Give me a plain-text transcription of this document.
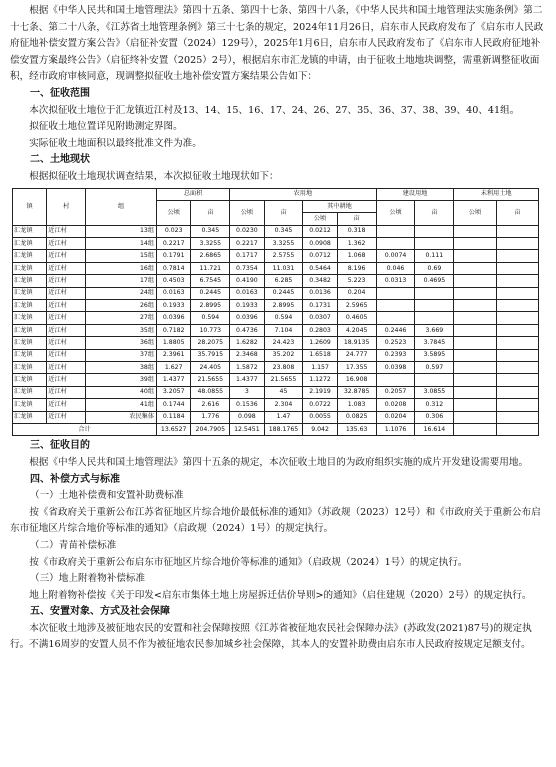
根据《中华人民共和国土地管理法》第四十五条、第四十七条、第四十八条，《中华人民共和国土地管理法实施条例》第二十七条、第二十八条，《江苏省土地管理条例》第三十七条的规定，2024年11月26日，启东市人民政府发布了《启东市人民政府征地补偿安置方案公告》（启征补安置（2024）129号），2025年1月6日，启东市人民政府发布了《启东市人民政府征地补偿安置方案最终公告》（启征终补安置（2025）2号），根据启东市汇龙镇的申请，由于征收土地地块调整，需重新调整征收面积，经市政府审核同意，现调整拟征收土地补偿安置方案结果公告如下：

一、征收范围

本次拟征收土地位于汇龙镇近江村及13、14、15、16、17、24、26、27、35、36、37、38、39、40、41组。

拟征收土地位置详见附勘测定界图。

实际征收土地面积以最终批准文件为准。

二、土地现状

根据拟征收土地现状调查结果，本次拟征收土地现状如下：

镇	村	组	总面积		农用地				建设用地		未利用土地	
			公顷	亩	公顷	亩	其中耕地		公顷	亩	公顷	亩
							公顷	亩				
汇龙镇	近江村	13组	0.023	0.345	0.0230	0.345	0.0212	0.318				
汇龙镇	近江村	14组	0.2217	3.3255	0.2217	3.3255	0.0908	1.362				
汇龙镇	近江村	15组	0.1791	2.6865	0.1717	2.5755	0.0712	1.068	0.0074	0.111		
汇龙镇	近江村	16组	0.7814	11.721	0.7354	11.031	0.5464	8.196	0.046	0.69		
汇龙镇	近江村	17组	0.4503	6.7545	0.4190	6.285	0.3482	5.223	0.0313	0.4695		
汇龙镇	近江村	24组	0.0163	0.2445	0.0163	0.2445	0.0136	0.204				
汇龙镇	近江村	26组	0.1933	2.8995	0.1933	2.8995	0.1731	2.5965				
汇龙镇	近江村	27组	0.0396	0.594	0.0396	0.594	0.0307	0.4605				
汇龙镇	近江村	35组	0.7182	10.773	0.4736	7.104	0.2803	4.2045	0.2446	3.669		
汇龙镇	近江村	36组	1.8805	28.2075	1.6282	24.423	1.2609	18.9135	0.2523	3.7845		
汇龙镇	近江村	37组	2.3961	35.7915	2.3468	35.202	1.6518	24.777	0.2393	3.5895		
汇龙镇	近江村	38组	1.627	24.405	1.5872	23.808	1.157	17.355	0.0398	0.597		
汇龙镇	近江村	39组	1.4377	21.5655	1.4377	21.5655	1.1272	16.908				
汇龙镇	近江村	40组	3.2057	48.0855	3	45	2.1919	32.8785	0.2057	3.0855		
汇龙镇	近江村	41组	0.1744	2.616	0.1536	2.304	0.0722	1.083	0.0208	0.312		
汇龙镇	近江村	农民集体	0.1184	1.776	0.098	1.47	0.0055	0.0825	0.0204	0.306		
合计			13.6527	204.7905	12.5451	188.1765	9.042	135.63	1.1076	16.614		

三、征收目的

根据《中华人民共和国土地管理法》第四十五条的规定，本次征收土地目的为政府组织实施的成片开发建设需要用地。

四、补偿方式与标准

（一）土地补偿费和安置补助费标准

按《省政府关于重新公布江苏省征地区片综合地价最低标准的通知》（苏政规（2023）12号）和《市政府关于重新公布启东市征地区片综合地价等标准的通知》（启政规（2024）1号）的规定执行。

（二）青苗补偿标准

按《市政府关于重新公布启东市征地区片综合地价等标准的通知》（启政规（2024）1号）的规定执行。

（三）地上附着物补偿标准

地上附着物补偿按《关于印发<启东市集体土地上房屋拆迁估价导则>的通知》（启住建规（2020）2号）的规定执行。

五、安置对象、方式及社会保障

本次征收土地涉及被征地农民的安置和社会保障按照《江苏省被征地农民社会保障办法》(苏政发(2021)87号)的规定执行。不满16周岁的安置人员不作为被征地农民参加城乡社会保障，其本人的安置补助费由启东市人民政府按规定足额支付。
